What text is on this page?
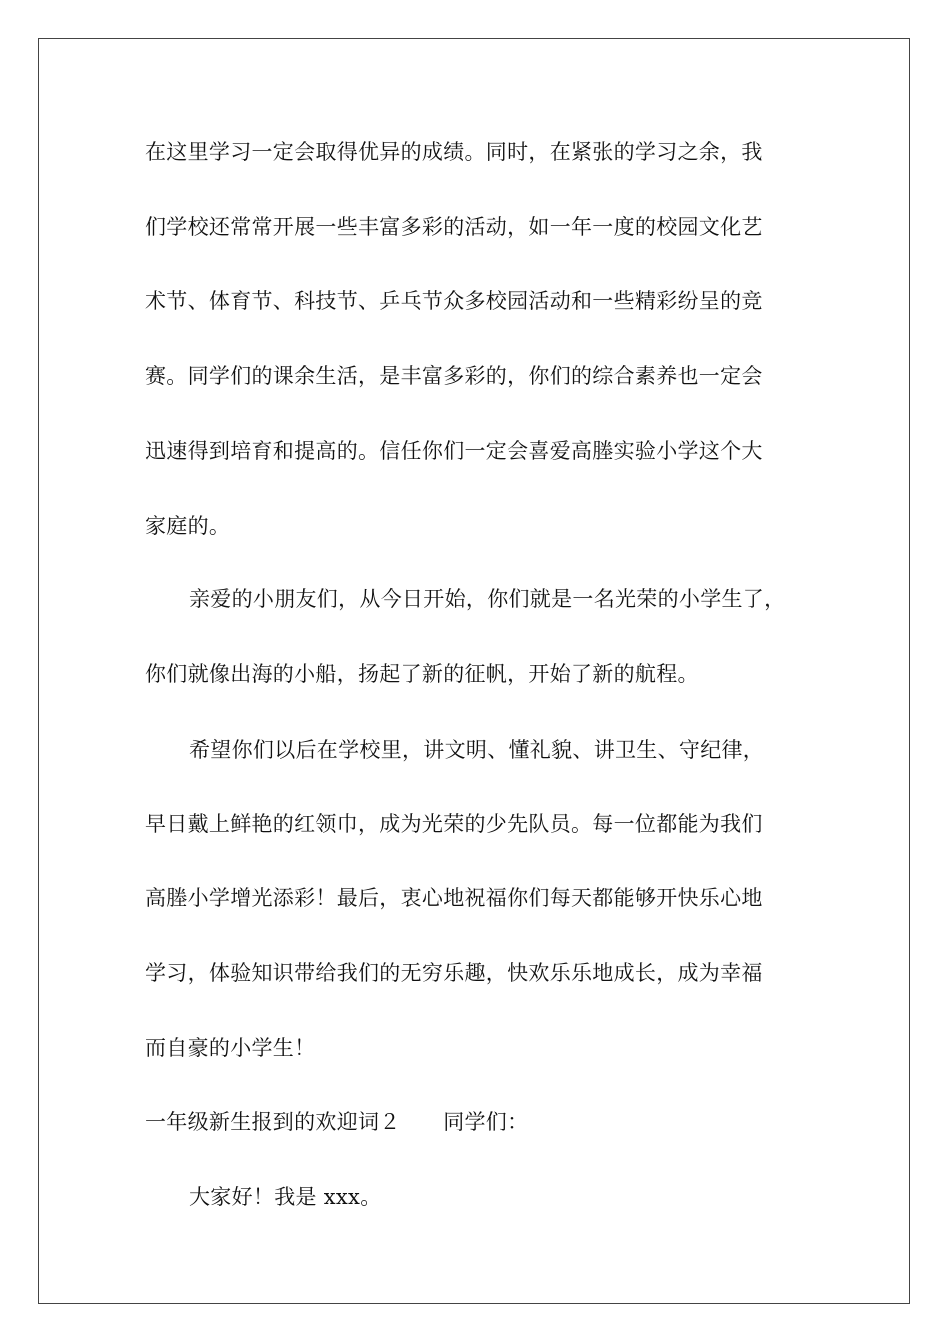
在这里学习一定会取得优异的成绩。同时，在紧张的学习之余，我
们学校还常常开展一些丰富多彩的活动，如一年一度的校园文化艺
术节、体育节、科技节、乒乓节众多校园活动和一些精彩纷呈的竞
赛。同学们的课余生活，是丰富多彩的，你们的综合素养也一定会
迅速得到培育和提高的。信任你们一定会喜爱高塍实验小学这个大
家庭的。
亲爱的小朋友们，从今日开始，你们就是一名光荣的小学生了，
你们就像出海的小船，扬起了新的征帆，开始了新的航程。
希望你们以后在学校里，讲文明、懂礼貌、讲卫生、守纪律，
早日戴上鲜艳的红领巾，成为光荣的少先队员。每一位都能为我们
高塍小学增光添彩！最后，衷心地祝福你们每天都能够开快乐心地
学习，体验知识带给我们的无穷乐趣，快欢乐乐地成长，成为幸福
而自豪的小学生！
一年级新生报到的欢迎词２　　同学们：
大家好！我是 xxx。
